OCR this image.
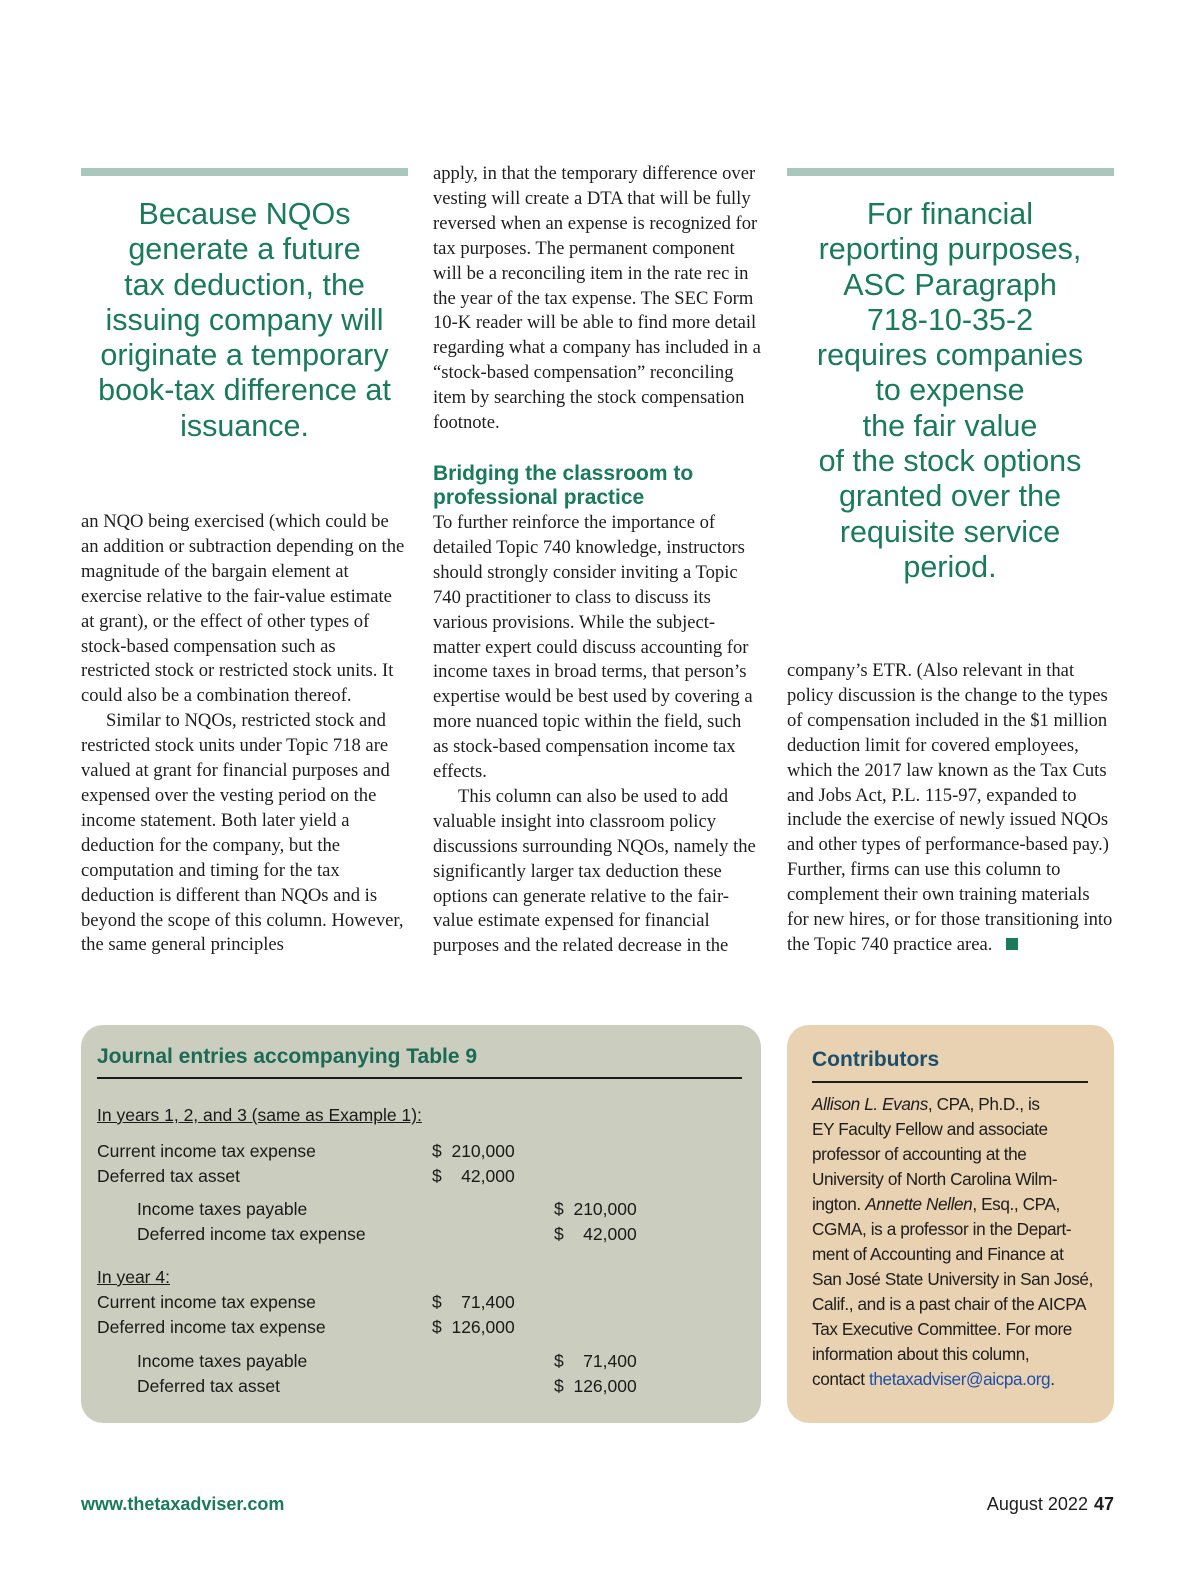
Because NQOs
generate a future
tax deduction, the
issuing company will
originate a temporary
book-tax difference at
issuance.
For financial
reporting purposes,
ASC Paragraph
718-10-35-2
requires companies
to expense
the fair value
of the stock options
granted over the
requisite service
period.

an NQO being exercised (which could be an addition or subtraction depending on the magnitude of the bargain element at exercise relative to the fair-value estimate at grant), or the effect of other types of stock-based compensation such as restricted stock or restricted stock units. It could also be a combination thereof.

Similar to NQOs, restricted stock and restricted stock units under Topic 718 are valued at grant for financial purposes and expensed over the vesting period on the income statement. Both later yield a deduction for the company, but the computation and timing for the tax deduction is different than NQOs and is beyond the scope of this column. However, the same general principles

apply, in that the temporary difference over vesting will create a DTA that will be fully reversed when an expense is recognized for tax purposes. The permanent component will be a reconciling item in the rate rec in the year of the tax expense. The SEC Form 10-K reader will be able to find more detail regarding what a company has included in a “stock-based compensation” reconciling item by searching the stock compensation footnote.

Bridging the classroom to professional practice

To further reinforce the importance of detailed Topic 740 knowledge, instructors should strongly consider inviting a Topic 740 practitioner to class to discuss its various provisions. While the subject-matter expert could discuss accounting for income taxes in broad terms, that person’s expertise would be best used by covering a more nuanced topic within the field, such as stock-based compensation income tax effects.

This column can also be used to add valuable insight into classroom policy discussions surrounding NQOs, namely the significantly larger tax deduction these options can generate relative to the fair-value estimate expensed for financial purposes and the related decrease in the

company’s ETR. (Also relevant in that policy discussion is the change to the types of compensation included in the $1 million deduction limit for covered employees, which the 2017 law known as the Tax Cuts and Jobs Act, P.L. 115-97, expanded to include the exercise of newly issued NQOs and other types of performance-based pay.) Further, firms can use this column to complement their own training materials for new hires, or for those transitioning into the Topic 740 practice area.

Journal entries accompanying Table 9
In years 1, 2, and 3 (same as Example 1):
Current income tax expense	$  210,000
Deferred tax asset	$    42,000
Income taxes payable	$  210,000
Deferred income tax expense	$    42,000
In year 4:
Current income tax expense	$    71,400
Deferred income tax expense	$  126,000
Income taxes payable	$    71,400
Deferred tax asset	$  126,000
Contributors
Allison L. Evans, CPA, Ph.D., is
EY Faculty Fellow and associate
professor of accounting at the
University of North Carolina Wilm-
ington. Annette Nellen, Esq., CPA,
CGMA, is a professor in the Depart-
ment of Accounting and Finance at
San José State University in San José,
Calif., and is a past chair of the AICPA
Tax Executive Committee. For more
information about this column,
contact thetaxadviser@aicpa.org.
www.thetaxadviser.com	August 2022 47
